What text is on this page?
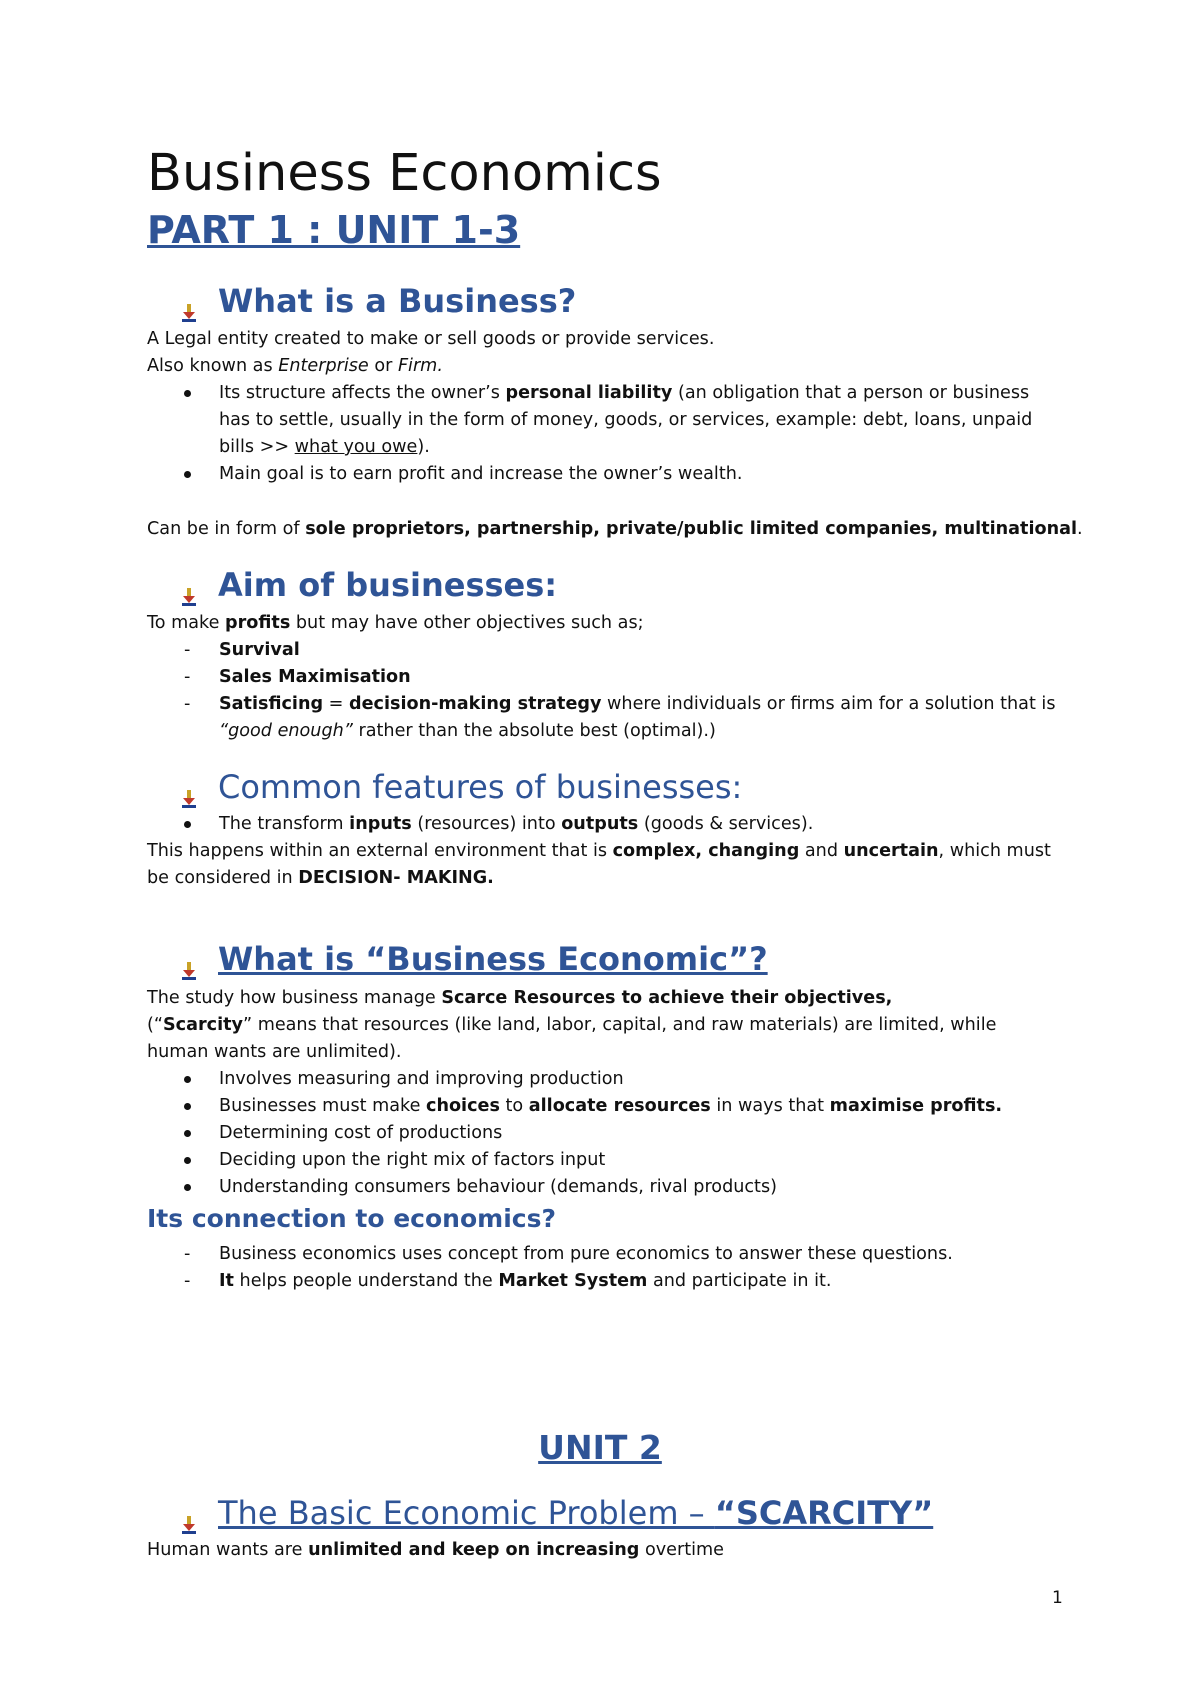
Business Economics
PART 1 : UNIT 1-3
What is a Business?

A Legal entity created to make or sell goods or provide services.

Also known as Enterprise or Firm.

Its structure affects the owner’s personal liability (an obligation that a person or business

has to settle, usually in the form of money, goods, or services, example: debt, loans, unpaid

bills >> what you owe).

Main goal is to earn profit and increase the owner’s wealth.

Can be in form of sole proprietors, partnership, private/public limited companies, multinational.

Aim of businesses:

To make profits but may have other objectives such as;

-	Survival

-	Sales Maximisation

-	Satisficing = decision-making strategy where individuals or firms aim for a solution that is

“good enough” rather than the absolute best (optimal).)

Common features of businesses:

The transform inputs (resources) into outputs (goods & services).

This happens within an external environment that is complex, changing and uncertain, which must

be considered in DECISION- MAKING.

What is “Business Economic”?

The study how business manage Scarce Resources to achieve their objectives,

(“Scarcity” means that resources (like land, labor, capital, and raw materials) are limited, while

human wants are unlimited).

Involves measuring and improving production

Businesses must make choices to allocate resources in ways that maximise profits.

Determining cost of productions

Deciding upon the right mix of factors input

Understanding consumers behaviour (demands, rival products)

Its connection to economics?
-	Business economics uses concept from pure economics to answer these questions.

-	It helps people understand the Market System and participate in it.

UNIT 2
The Basic Economic Problem – “SCARCITY”

Human wants are unlimited and keep on increasing overtime

1
